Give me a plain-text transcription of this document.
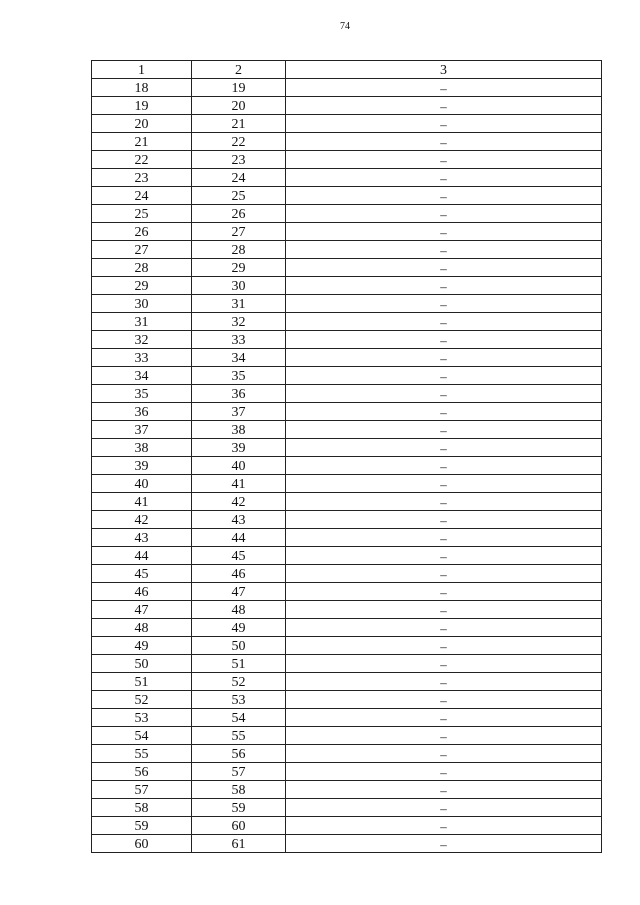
74
1	2	3
18	19	–
19	20	–
20	21	–
21	22	–
22	23	–
23	24	–
24	25	–
25	26	–
26	27	–
27	28	–
28	29	–
29	30	–
30	31	–
31	32	–
32	33	–
33	34	–
34	35	–
35	36	–
36	37	–
37	38	–
38	39	–
39	40	–
40	41	–
41	42	–
42	43	–
43	44	–
44	45	–
45	46	–
46	47	–
47	48	–
48	49	–
49	50	–
50	51	–
51	52	–
52	53	–
53	54	–
54	55	–
55	56	–
56	57	–
57	58	–
58	59	–
59	60	–
60	61	–
